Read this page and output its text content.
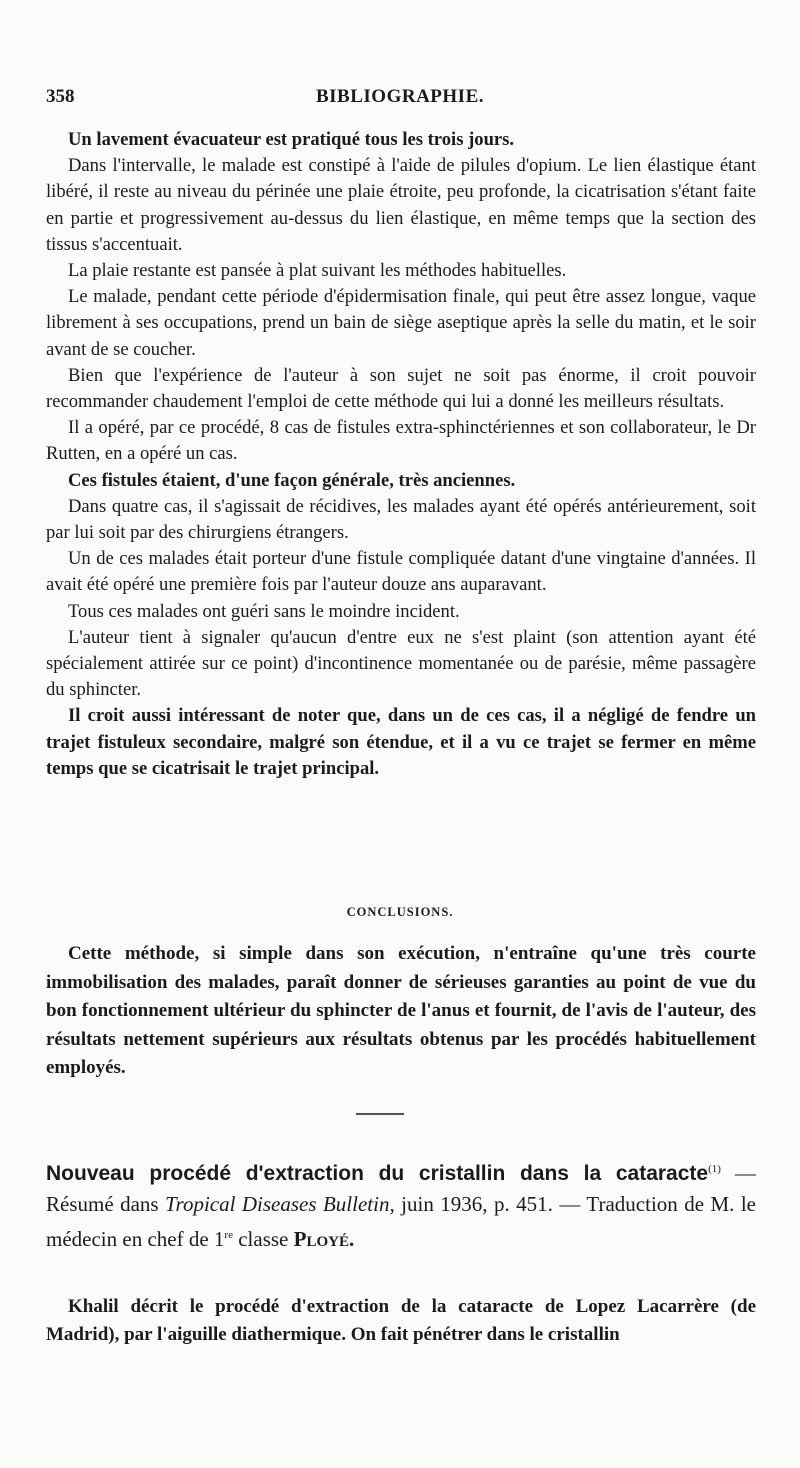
358	BIBLIOGRAPHIE.

Un lavement évacuateur est pratiqué tous les trois jours.

Dans l'intervalle, le malade est constipé à l'aide de pilules d'opium. Le lien élastique étant libéré, il reste au niveau du périnée une plaie étroite, peu profonde, la cicatrisation s'étant faite en partie et progressivement au-dessus du lien élastique, en même temps que la section des tissus s'accentuait.

La plaie restante est pansée à plat suivant les méthodes habituelles.

Le malade, pendant cette période d'épidermisation finale, qui peut être assez longue, vaque librement à ses occupations, prend un bain de siège aseptique après la selle du matin, et le soir avant de se coucher.

Bien que l'expérience de l'auteur à son sujet ne soit pas énorme, il croit pouvoir recommander chaudement l'emploi de cette méthode qui lui a donné les meilleurs résultats.

Il a opéré, par ce procédé, 8 cas de fistules extra-sphinctériennes et son collaborateur, le Dr Rutten, en a opéré un cas.

Ces fistules étaient, d'une façon générale, très anciennes.

Dans quatre cas, il s'agissait de récidives, les malades ayant été opérés antérieurement, soit par lui soit par des chirurgiens étrangers.

Un de ces malades était porteur d'une fistule compliquée datant d'une vingtaine d'années. Il avait été opéré une première fois par l'auteur douze ans auparavant.

Tous ces malades ont guéri sans le moindre incident.

L'auteur tient à signaler qu'aucun d'entre eux ne s'est plaint (son attention ayant été spécialement attirée sur ce point) d'incontinence momentanée ou de parésie, même passagère du sphincter.

Il croit aussi intéressant de noter que, dans un de ces cas, il a négligé de fendre un trajet fistuleux secondaire, malgré son étendue, et il a vu ce trajet se fermer en même temps que se cicatrisait le trajet principal.

CONCLUSIONS.

Cette méthode, si simple dans son exécution, n'entraîne qu'une très courte immobilisation des malades, paraît donner de sérieuses garanties au point de vue du bon fonctionnement ultérieur du sphincter de l'anus et fournit, de l'avis de l'auteur, des résultats nettement supérieurs aux résultats obtenus par les procédés habituellement employés.

Nouveau procédé d'extraction du cristallin dans la cataracte$^{(1)}$ — Résumé dans Tropical Diseases Bulletin, juin 1936, p. 451. — Traduction de M. le médecin en chef de 1re classe Ployé.

Khalil décrit le procédé d'extraction de la cataracte de Lopez Lacarrère (de Madrid), par l'aiguille diathermique. On fait pénétrer dans le cristallin
